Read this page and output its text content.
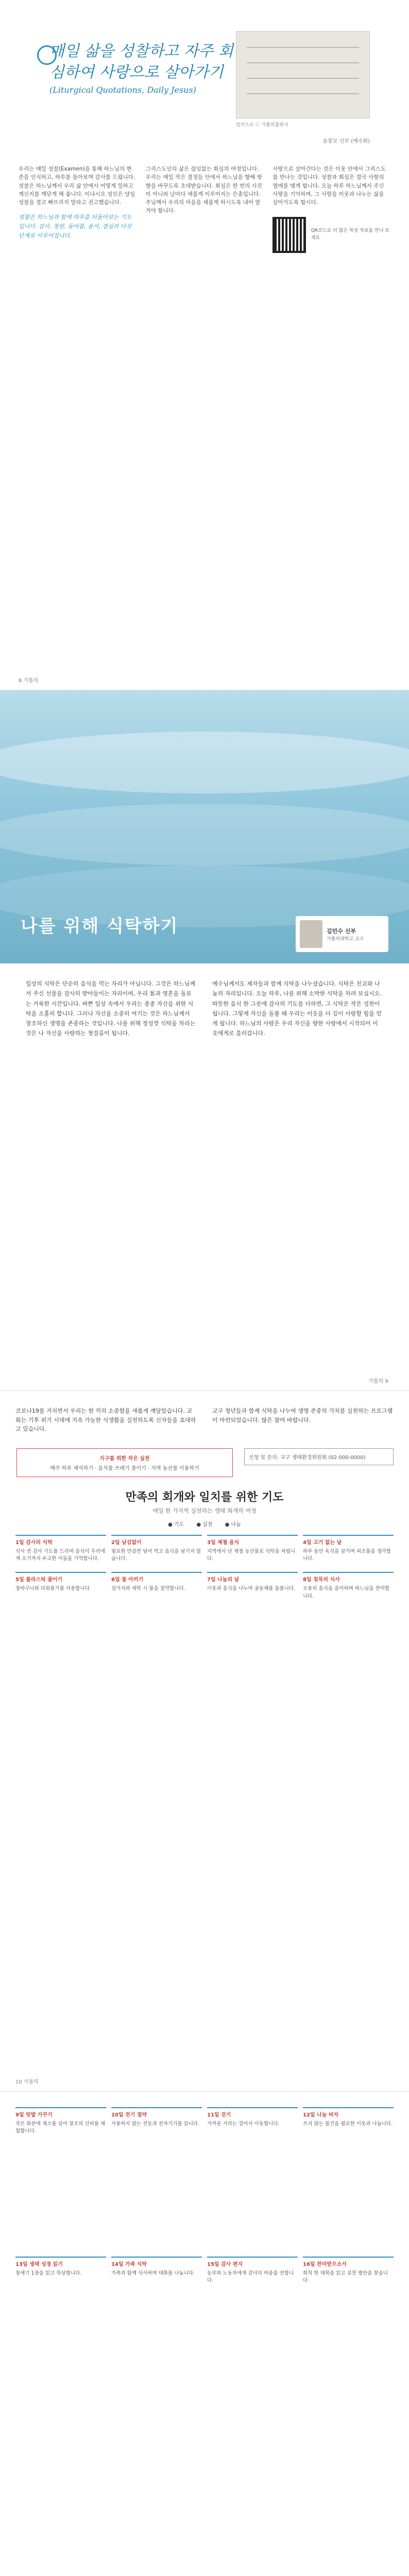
매일 삶을 성찰하고 자주 회심하여 사랑으로 살아가기
(Liturgical Quotations, Daily Jesus)
일러스트 ⓒ 가톨릭출판사
송봉모 신부 (예수회)

우리는 매일 성찰(Examen)을 통해 하느님의 현존을 인식하고, 하루를 돌아보며 감사를 드립니다. 성찰은 하느님께서 우리 삶 안에서 어떻게 일하고 계신지를 깨닫게 해 줍니다. 이냐시오 성인은 양심 성찰을 결코 빠뜨리지 말라고 권고했습니다.

성찰은 하느님과 함께 하루를 되돌아보는 기도입니다. 감사, 청원, 돌아봄, 용서, 결심의 다섯 단계로 이루어집니다.

그리스도인의 삶은 끊임없는 회심의 여정입니다. 우리는 매일 작은 결정들 안에서 하느님을 향해 방향을 바꾸도록 초대받습니다. 회심은 한 번의 사건이 아니라 날마다 새롭게 이루어지는 은총입니다. 주님께서 우리의 마음을 새롭게 하시도록 내어 맡겨야 합니다.

사랑으로 살아간다는 것은 이웃 안에서 그리스도를 만나는 것입니다. 성찰과 회심은 결국 사랑의 열매를 맺게 합니다. 오늘 하루 하느님께서 주신 사랑을 기억하며, 그 사랑을 이웃과 나누는 삶을 살아가도록 합시다.

QR코드로 더 많은 묵상 자료를 만나 보세요
8 가톨릭
나를 위해 식탁하기	김민수 신부
가톨릭대학교 교수

일상의 식탁은 단순히 음식을 먹는 자리가 아닙니다. 그것은 하느님께서 주신 선물을 감사히 받아들이는 자리이며, 우리 몸과 영혼을 돌보는 거룩한 시간입니다. 바쁜 일상 속에서 우리는 종종 자신을 위한 식탁을 소홀히 합니다. 그러나 자신을 소중히 여기는 것은 하느님께서 창조하신 생명을 존중하는 것입니다. 나를 위해 정성껏 식탁을 차리는 것은 나 자신을 사랑하는 첫걸음이 됩니다.

예수님께서도 제자들과 함께 식탁을 나누셨습니다. 식탁은 친교와 나눔의 자리입니다. 오늘 하루, 나를 위해 소박한 식탁을 차려 보십시오. 따뜻한 음식 한 그릇에 감사의 기도를 더하면, 그 식탁은 작은 성찬이 됩니다. 그렇게 자신을 돌볼 때 우리는 이웃을 더 깊이 사랑할 힘을 얻게 됩니다. 하느님의 사랑은 우리 자신을 향한 사랑에서 시작되어 이웃에게로 흘러갑니다.

가톨릭 9

코로나19를 거치면서 우리는 한 끼의 소중함을 새롭게 깨달았습니다. 교회는 기후 위기 시대에 지속 가능한 식생활을 실천하도록 신자들을 초대하고 있습니다.

교구 청년들과 함께 식탁을 나누며 생명 존중의 가치를 실천하는 프로그램이 마련되었습니다. 많은 참여 바랍니다.

지구를 위한 작은 실천
매주 하루 채식하기 · 음식물 쓰레기 줄이기 · 지역 농산물 이용하기
신청 및 문의: 교구 생태환경위원회 (02-000-0000)
만족의 회개와 일치를 위한 기도
매일 한 가지씩 실천하는 생태 회개의 여정
● 기도 ● 실천 ● 나눔
1일 감사의 식탁

식사 전 감사 기도를 드리며 음식이 우리에게 오기까지 수고한 이들을 기억합니다.

2일 남김없이

필요한 만큼만 덜어 먹고 음식을 남기지 않습니다.

3일 제철 음식

지역에서 난 제철 농산물로 식탁을 차립니다.

4일 고기 없는 날

하루 동안 육식을 삼가며 피조물을 생각합니다.

5일 플라스틱 줄이기

장바구니와 다회용기를 사용합니다.

6일 물 아끼기

설거지와 세탁 시 물을 절약합니다.

7일 나눔의 날

이웃과 음식을 나누며 공동체를 돌봅니다.

8일 침묵의 식사

조용히 음식을 음미하며 하느님을 찬미합니다.

10 가톨릭
9일 텃밭 가꾸기

작은 화분에 채소를 심어 창조의 신비를 체험합니다.

10일 전기 절약

사용하지 않는 전등과 전자기기를 끕니다.

11일 걷기

가까운 거리는 걸어서 이동합니다.

12일 나눔 바자

쓰지 않는 물건을 필요한 이웃과 나눕니다.

13일 생태 성경 읽기

창세기 1장을 읽고 묵상합니다.

14일 가족 식탁

가족과 함께 식사하며 대화를 나눕니다.

15일 감사 편지

농부와 노동자에게 감사의 마음을 전합니다.

16일 찬미받으소서

회칙 한 대목을 읽고 실천 방안을 찾습니다.
